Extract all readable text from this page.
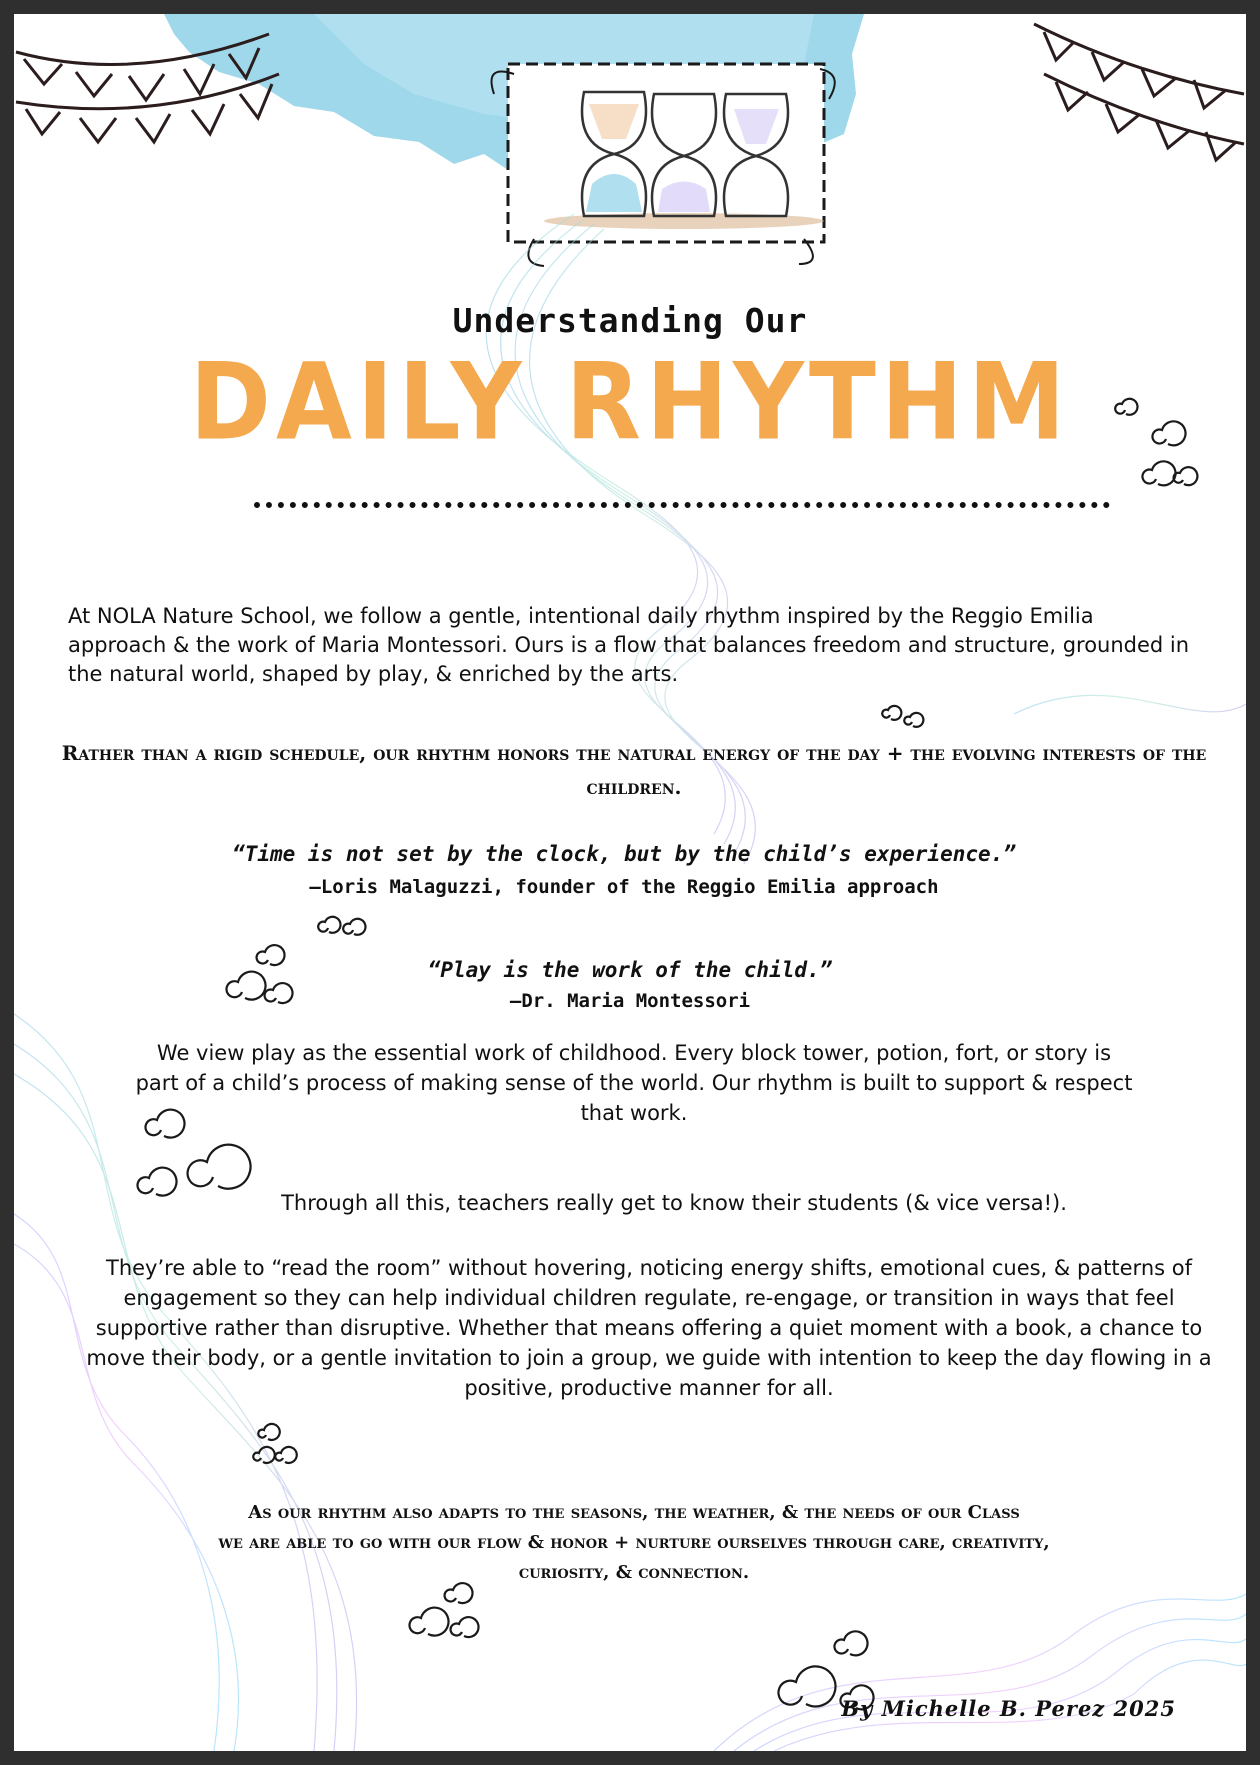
Understanding Our
DAILY RHYTHM
At NOLA Nature School, we follow a gentle, intentional daily rhythm inspired by the Reggio Emilia approach & the work of Maria Montessori. Ours is a flow that balances freedom and structure, grounded in the natural world, shaped by play, & enriched by the arts.
Rather than a rigid schedule, our rhythm honors the natural energy of the day + the evolving interests of the children.
“Time is not set by the clock, but by the child’s experience.”
—Loris Malaguzzi, founder of the Reggio Emilia approach
“Play is the work of the child.”
—Dr. Maria Montessori
We view play as the essential work of childhood. Every block tower, potion, fort, or story is part of a child’s process of making sense of the world. Our rhythm is built to support & respect that work.
Through all this, teachers really get to know their students (& vice versa!).
They’re able to “read the room” without hovering, noticing energy shifts, emotional cues, & patterns of engagement so they can help individual children regulate, re-engage, or transition in ways that feel supportive rather than disruptive. Whether that means offering a quiet moment with a book, a chance to move their body, or a gentle invitation to join a group, we guide with intention to keep the day flowing in a positive, productive manner for all.
As our rhythm also adapts to the seasons, the weather, & the needs of our Class
we are able to go with our flow & honor + nurture ourselves through care, creativity,
curiosity, & connection.
By Michelle B. Perez 2025
